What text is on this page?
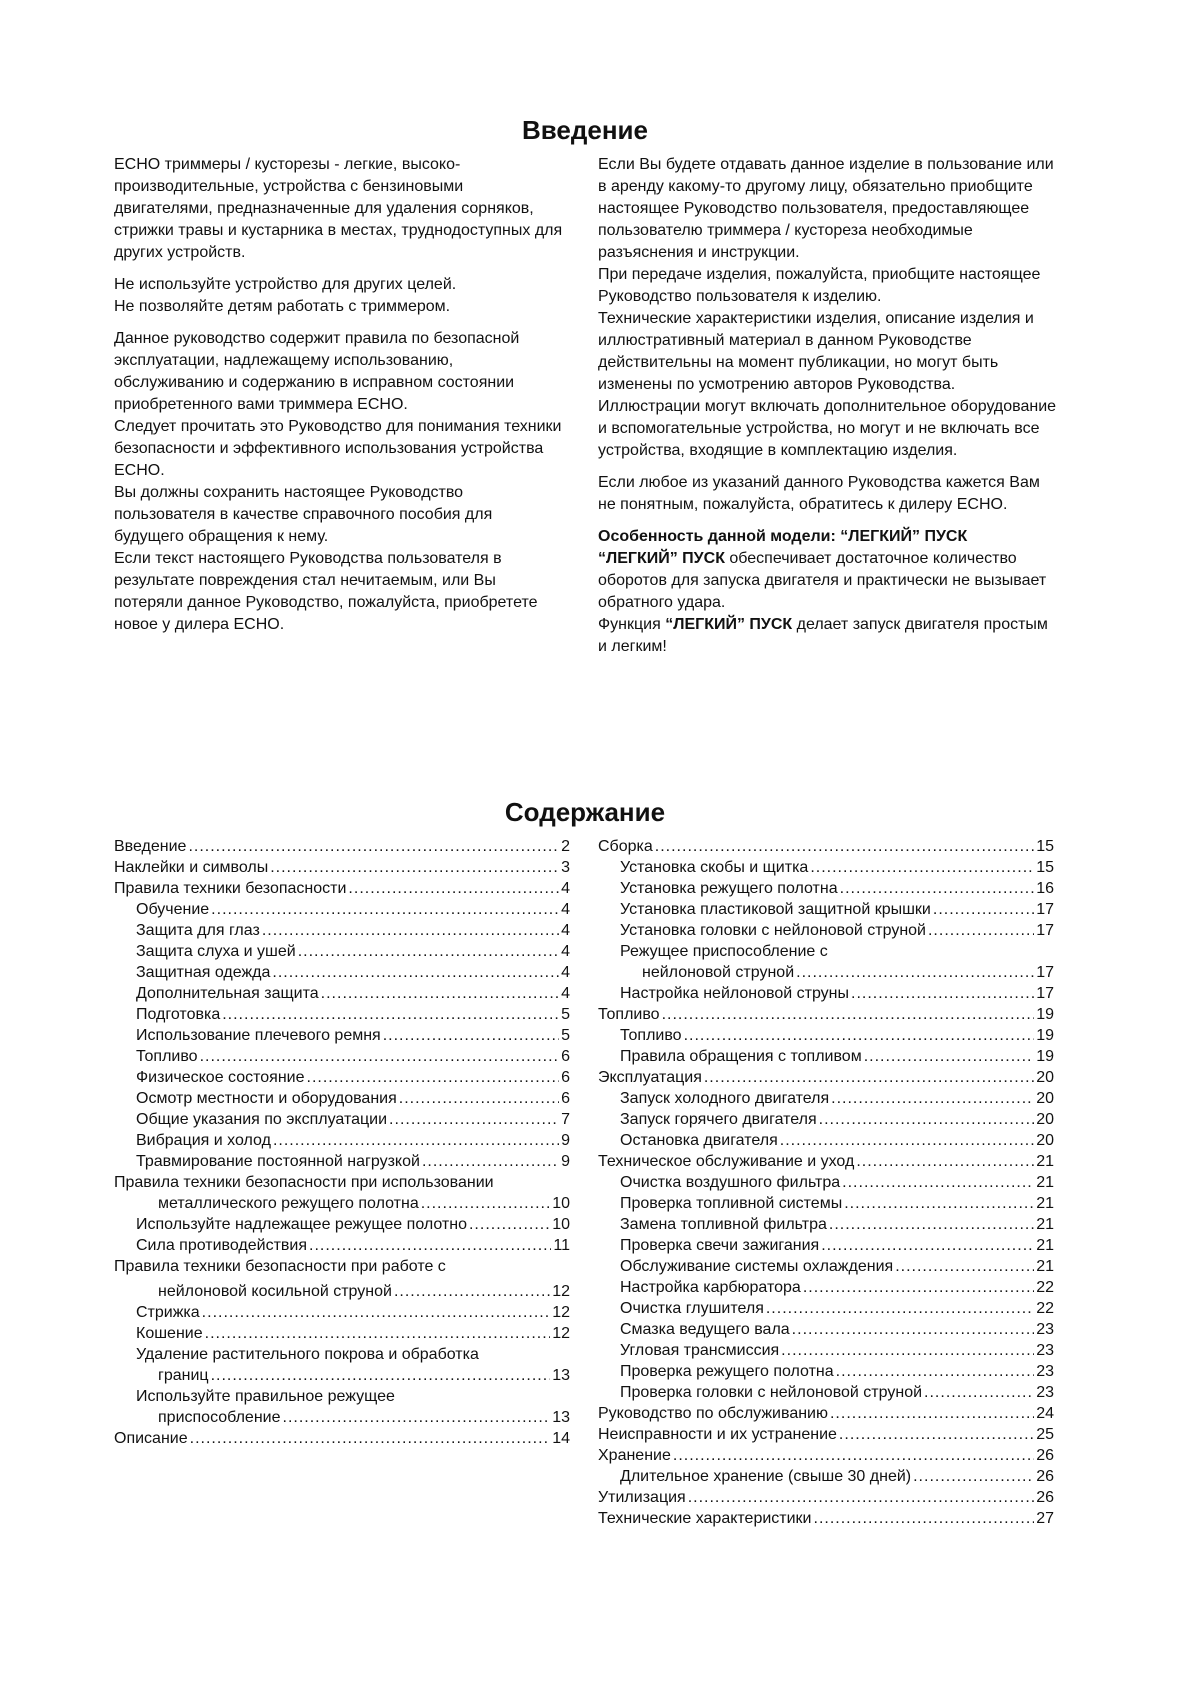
Введение

ЕСНО триммеры / кусторезы - легкие, высоко-производительные, устройства с бензиновыми двигателями, предназначенные для удаления сорняков, стрижки травы и кустарника в местах, труднодоступных для других устройств.

Не используйте устройство для других целей.

Не позволяйте детям работать с триммером.

Данное руководство содержит правила по безопасной эксплуатации, надлежащему использованию, обслуживанию и содержанию в исправном состоянии приобретенного вами триммера ЕСНО.

Следует прочитать это Руководство для понимания техники безопасности и эффективного использования устройства ЕСНО.

Вы должны сохранить настоящее Руководство пользователя в качестве справочного пособия для будущего обращения к нему.

Если текст настоящего Руководства пользователя в результате повреждения стал нечитаемым, или Вы потеряли данное Руководство, пожалуйста, приобретете новое у дилера ЕСНО.

Если Вы будете отдавать данное изделие в пользование или в аренду какому-то другому лицу, обязательно приобщите настоящее Руководство пользователя, предоставляющее пользователю триммера / кустореза необходимые разъяснения и инструкции.

При передаче изделия, пожалуйста, приобщите настоящее Руководство пользователя к изделию.

Технические характеристики изделия, описание изделия и иллюстративный материал в данном Руководстве действительны на момент публикации, но могут быть изменены по усмотрению авторов Руководства.

Иллюстрации могут включать дополнительное оборудование и вспомогательные устройства, но могут и не включать все устройства, входящие в комплектацию изделия.

Если любое из указаний данного Руководства кажется Вам не понятным, пожалуйста, обратитесь к дилеру ЕСНО.

Особенность данной модели: “ЛЕГКИЙ” ПУСК
“ЛЕГКИЙ” ПУСК обеспечивает достаточное количество оборотов для запуска двигателя и практически не вызывает обратного удара.
Функция “ЛЕГКИЙ” ПУСК делает запуск двигателя простым и легким!

Содержание
Введение .....	2
Наклейки и символы .....	3
Правила техники безопасности .....	4
Обучение .....	4
Защита для глаз .....	4
Защита слуха и ушей .....	4
Защитная одежда .....	4
Дополнительная защита .....	4
Подготовка .....	5
Использование плечевого ремня .....	5
Топливо .....	6
Физическое состояние .....	6
Осмотр местности и оборудования .....	6
Общие указания по эксплуатации .....	7
Вибрация и холод .....	9
Травмирование постоянной нагрузкой .....	9
Правила техники безопасности при использовании
металлического режущего полотна .....	10
Используйте надлежащее режущее полотно .....	10
Сила противодействия .....	11
Правила техники безопасности при работе с
нейлоновой косильной струной .....	12
Стрижка .....	12
Кошение .....	12
Удаление растительного покрова и обработка
границ .....	13
Используйте правильное режущее
приспособление .....	13
Описание .....	14
Сборка .....	15
Установка скобы и щитка .....	15
Установка режущего полотна .....	16
Установка пластиковой защитной крышки .....	17
Установка головки с нейлоновой струной .....	17
Режущее приспособление с
нейлоновой струной .....	17
Настройка нейлоновой струны .....	17
Топливо .....	19
Топливо .....	19
Правила обращения с топливом .....	19
Эксплуатация .....	20
Запуск холодного двигателя .....	20
Запуск горячего двигателя .....	20
Остановка двигателя .....	20
Техническое обслуживание и уход .....	21
Очистка воздушного фильтра .....	21
Проверка топливной системы .....	21
Замена топливной фильтра .....	21
Проверка свечи зажигания .....	21
Обслуживание системы охлаждения .....	21
Настройка карбюратора .....	22
Очистка глушителя .....	22
Смазка ведущего вала .....	23
Угловая трансмиссия .....	23
Проверка режущего полотна .....	23
Проверка головки с нейлоновой струной .....	23
Руководство по обслуживанию .....	24
Неисправности и их устранение .....	25
Хранение .....	26
Длительное хранение (свыше 30 дней) .....	26
Утилизация .....	26
Технические характеристики .....	27
